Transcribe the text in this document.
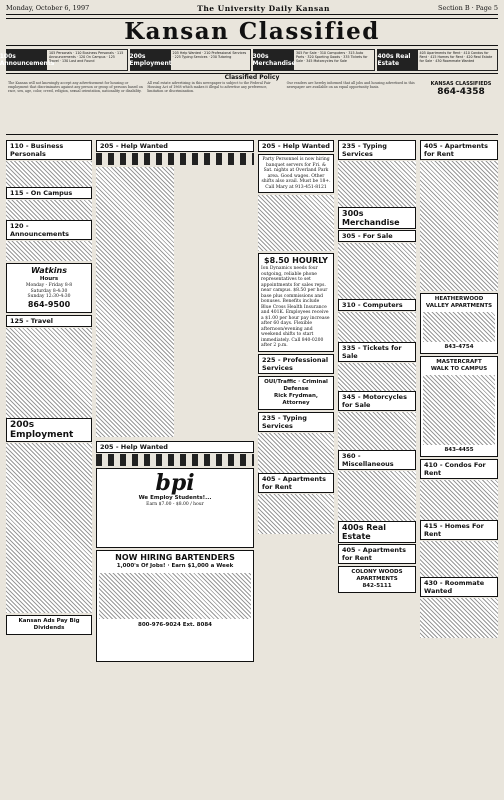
Monday, October 6, 1997	The University Daily Kansan	Section B · Page 5
Kansan Classified
100s Announcements
105 Personals · 110 Business Personals · 115 Announcements · 120 On Campus · 125 Travel · 130 Lost and Found
200s Employment
205 Help Wanted · 210 Professional Services · 225 Typing Services · 230 Tutoring	300s Merchandise
305 For Sale · 310 Computers · 315 Auto Parts · 320 Sporting Goods · 335 Tickets for Sale · 345 Motorcycles for Sale
400s Real Estate
405 Apartments for Rent · 410 Condos for Rent · 415 Homes for Rent · 420 Real Estate for Sale · 430 Roommate Wanted
Classified Policy
The Kansan will not knowingly accept any advertisement for housing or employment that discriminates against any person or group of persons based on race, sex, age, color, creed, religion, sexual orientation, nationality or disability.
All real estate advertising in this newspaper is subject to the Federal Fair Housing Act of 1968 which makes it illegal to advertise any preference, limitation or discrimination.
Our readers are hereby informed that all jobs and housing advertised in this newspaper are available on an equal opportunity basis.
KANSAS CLASSIFIEDS
864-4358
110 - Business Personals
115 - On Campus
120 - Announcements
Watkins
Hours
Monday - Friday 8-8
Saturday 8-4:30
Sunday 12:30-4:30
864-9500
125 - Travel
200s Employment
Kansan Ads Pay Big Dividends
205 - Help Wanted
205 - Help Wanted
bpi
We Employ Students!...
Earn $7.00 - $8.00 / hour
NOW HIRING BARTENDERS
1,000's Of Jobs! · Earn $1,000 a Week
800-976-9024 Ext. 8084
205 - Help Wanted
Party Personnel is now hiring banquet servers for Fri. & Sat. nights at Overland Park area. Good wages. Other shifts also avail. Must be 18+. Call Mary at 913-451-8121
$8.50 HOURLY
Ion Dynamics needs four outgoing, reliable phone representatives to set appointments for sales reps. near campus. $8.50 per hour base plus commissions and bonuses. Benefits include Blue Cross Health Insurance and 401K. Employees receive a $1.00 per hour pay increase after 60 days. Flexible afternoon/evening and weekend shifts to start immediately. Call 840-0200 after 2 p.m.
225 - Professional Services
OUI/Traffic · Criminal Defense
Rick Frydman, Attorney
235 - Typing Services
405 - Apartments for Rent
235 - Typing Services
300s Merchandise
305 - For Sale
310 - Computers
335 - Tickets for Sale
345 - Motorcycles for Sale
360 - Miscellaneous
400s Real Estate
405 - Apartments for Rent
COLONY WOODS APARTMENTS
842-5111
405 - Apartments for Rent
HEATHERWOOD VALLEY APARTMENTS
843-4754
MASTERCRAFT
WALK TO CAMPUS
843-4455
410 - Condos For Rent
415 - Homes For Rent
430 - Roommate Wanted
